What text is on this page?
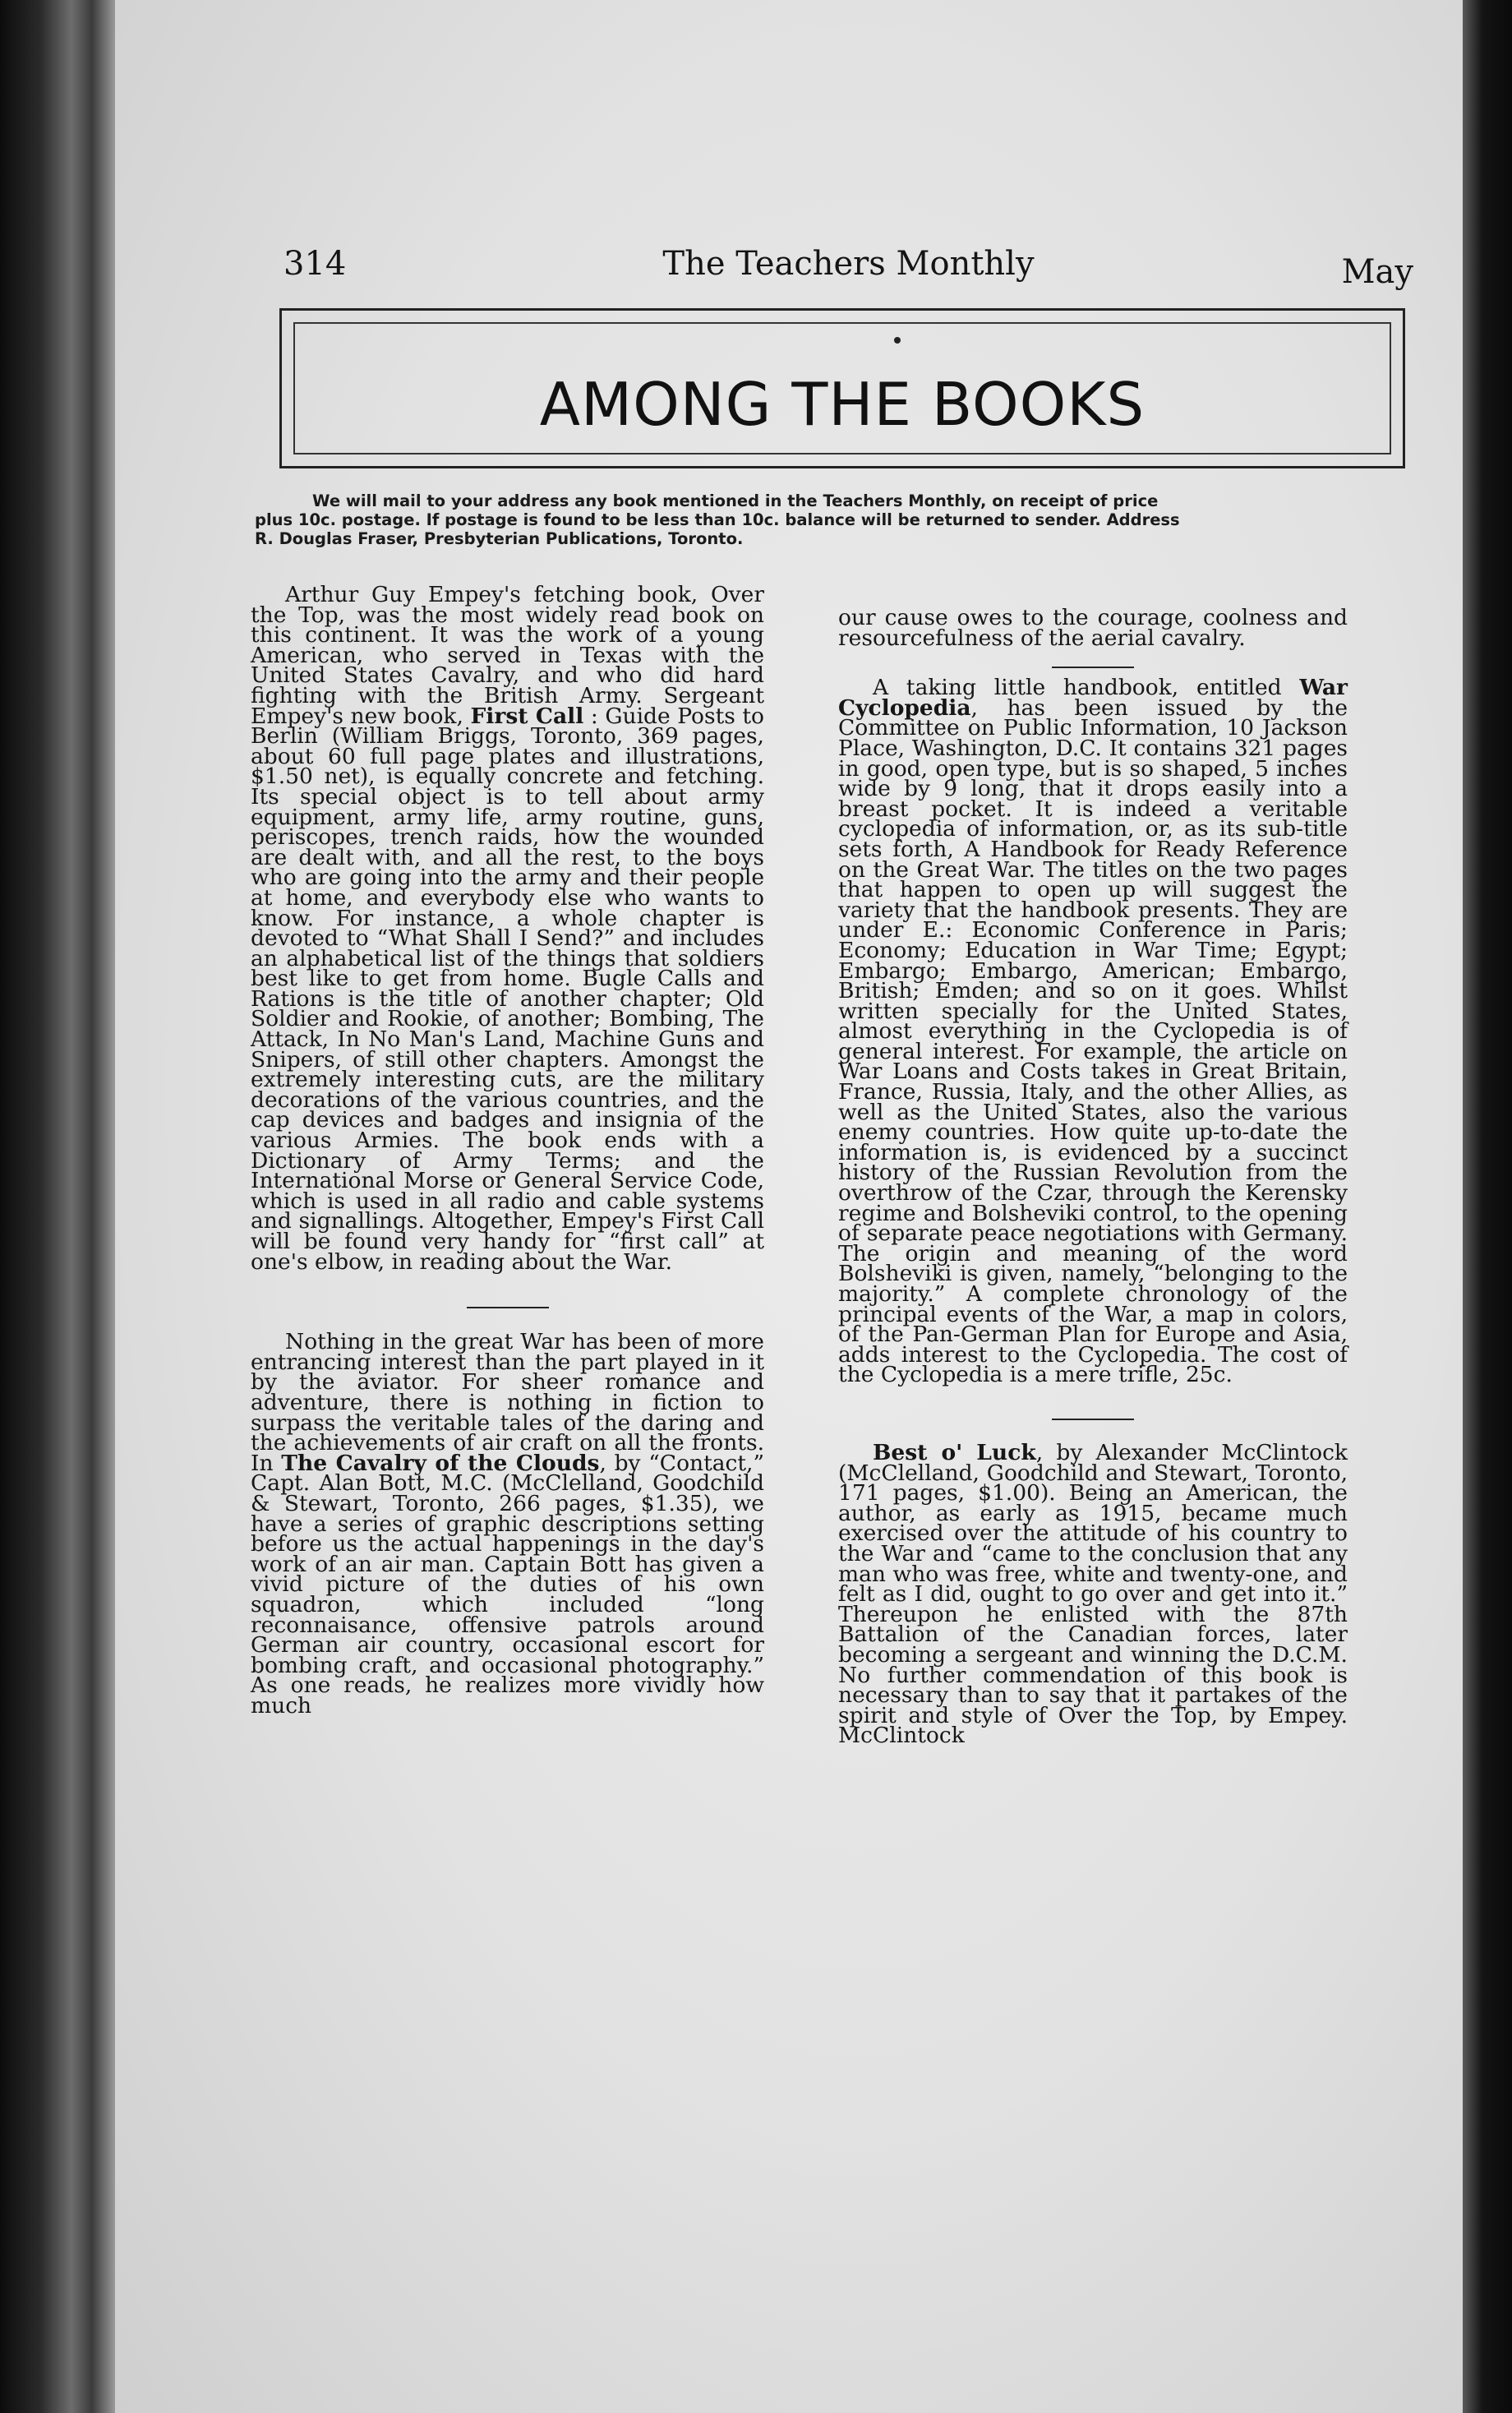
314	The Teachers Monthly	May
AMONG THE BOOKS

We will mail to your address any book mentioned in the Teachers Monthly, on receipt of price

plus 10c. postage. If postage is found to be less than 10c. balance will be returned to sender. Address

R. Douglas Fraser, Presbyterian Publications, Toronto.

Arthur Guy Empey's fetching book, Over the Top, was the most widely read book on this continent. It was the work of a young American, who served in Texas with the United States Cavalry, and who did hard fighting with the British Army. Sergeant Empey's new book, First Call : Guide Posts to Berlin (William Briggs, Toronto, 369 pages, about 60 full page plates and illustrations, $1.50 net), is equally concrete and fetching. Its special object is to tell about army equipment, army life, army routine, guns, periscopes, trench raids, how the wounded are dealt with, and all the rest, to the boys who are going into the army and their people at home, and everybody else who wants to know. For instance, a whole chapter is devoted to “What Shall I Send?” and includes an alphabetical list of the things that soldiers best like to get from home. Bugle Calls and Rations is the title of another chapter; Old Soldier and Rookie, of another; Bombing, The Attack, In No Man's Land, Machine Guns and Snipers, of still other chapters. Amongst the extremely interesting cuts, are the military decorations of the various countries, and the cap devices and badges and insignia of the various Armies. The book ends with a Dictionary of Army Terms; and the International Morse or General Service Code, which is used in all radio and cable systems and signallings. Altogether, Empey's First Call will be found very handy for “first call” at one's elbow, in reading about the War.

Nothing in the great War has been of more entrancing interest than the part played in it by the aviator. For sheer romance and adventure, there is nothing in fiction to surpass the veritable tales of the daring and the achievements of air craft on all the fronts. In The Cavalry of the Clouds, by “Contact,” Capt. Alan Bott, M.C. (McClelland, Goodchild & Stewart, Toronto, 266 pages, $1.35), we have a series of graphic descriptions setting before us the actual happenings in the day's work of an air man. Captain Bott has given a vivid picture of the duties of his own squadron, which included “long reconnaisance, offensive patrols around German air country, occasional escort for bombing craft, and occasional photography.” As one reads, he realizes more vividly how much

our cause owes to the courage, coolness and resourcefulness of the aerial cavalry.

A taking little handbook, entitled War Cyclopedia, has been issued by the Committee on Public Information, 10 Jackson Place, Washington, D.C. It contains 321 pages in good, open type, but is so shaped, 5 inches wide by 9 long, that it drops easily into a breast pocket. It is indeed a veritable cyclopedia of information, or, as its sub-title sets forth, A Handbook for Ready Reference on the Great War. The titles on the two pages that happen to open up will suggest the variety that the handbook presents. They are under E.: Economic Conference in Paris; Economy; Education in War Time; Egypt; Embargo; Embargo, American; Embargo, British; Emden; and so on it goes. Whilst written specially for the United States, almost everything in the Cyclopedia is of general interest. For example, the article on War Loans and Costs takes in Great Britain, France, Russia, Italy, and the other Allies, as well as the United States, also the various enemy countries. How quite up-to-date the information is, is evidenced by a succinct history of the Russian Revolution from the overthrow of the Czar, through the Kerensky regime and Bolsheviki control, to the opening of separate peace negotiations with Germany. The origin and meaning of the word Bolsheviki is given, namely, “belonging to the majority.” A complete chronology of the principal events of the War, a map in colors, of the Pan-German Plan for Europe and Asia, adds interest to the Cyclopedia. The cost of the Cyclopedia is a mere trifle, 25c.

Best o' Luck, by Alexander McClintock (McClelland, Goodchild and Stewart, Toronto, 171 pages, $1.00). Being an American, the author, as early as 1915, became much exercised over the attitude of his country to the War and “came to the conclusion that any man who was free, white and twenty-one, and felt as I did, ought to go over and get into it.” Thereupon he enlisted with the 87th Battalion of the Canadian forces, later becoming a sergeant and winning the D.C.M. No further commendation of this book is necessary than to say that it partakes of the spirit and style of Over the Top, by Empey. McClintock
